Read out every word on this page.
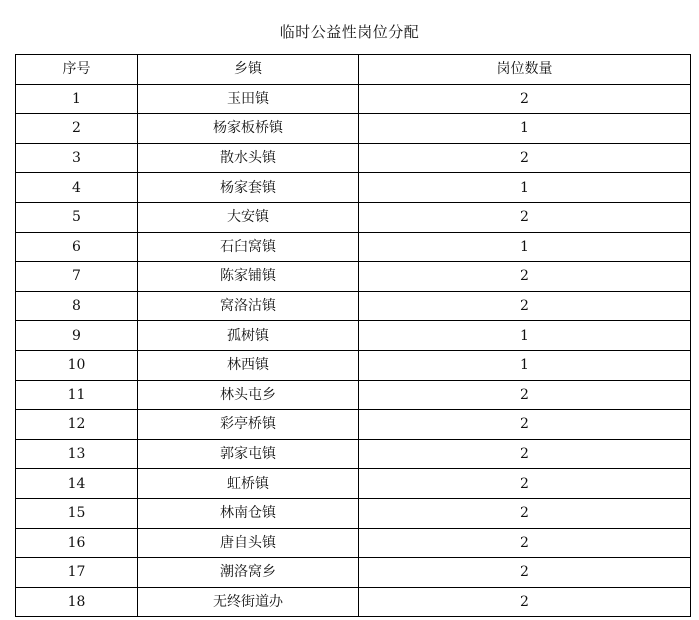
临时公益性岗位分配
序号	乡镇	岗位数量
1	玉田镇	2
2	杨家板桥镇	1
3	散水头镇	2
4	杨家套镇	1
5	大安镇	2
6	石臼窝镇	1
7	陈家铺镇	2
8	窝洛沽镇	2
9	孤树镇	1
10	林西镇	1
11	林头屯乡	2
12	彩亭桥镇	2
13	郭家屯镇	2
14	虹桥镇	2
15	林南仓镇	2
16	唐自头镇	2
17	潮洛窝乡	2
18	无终街道办	2
